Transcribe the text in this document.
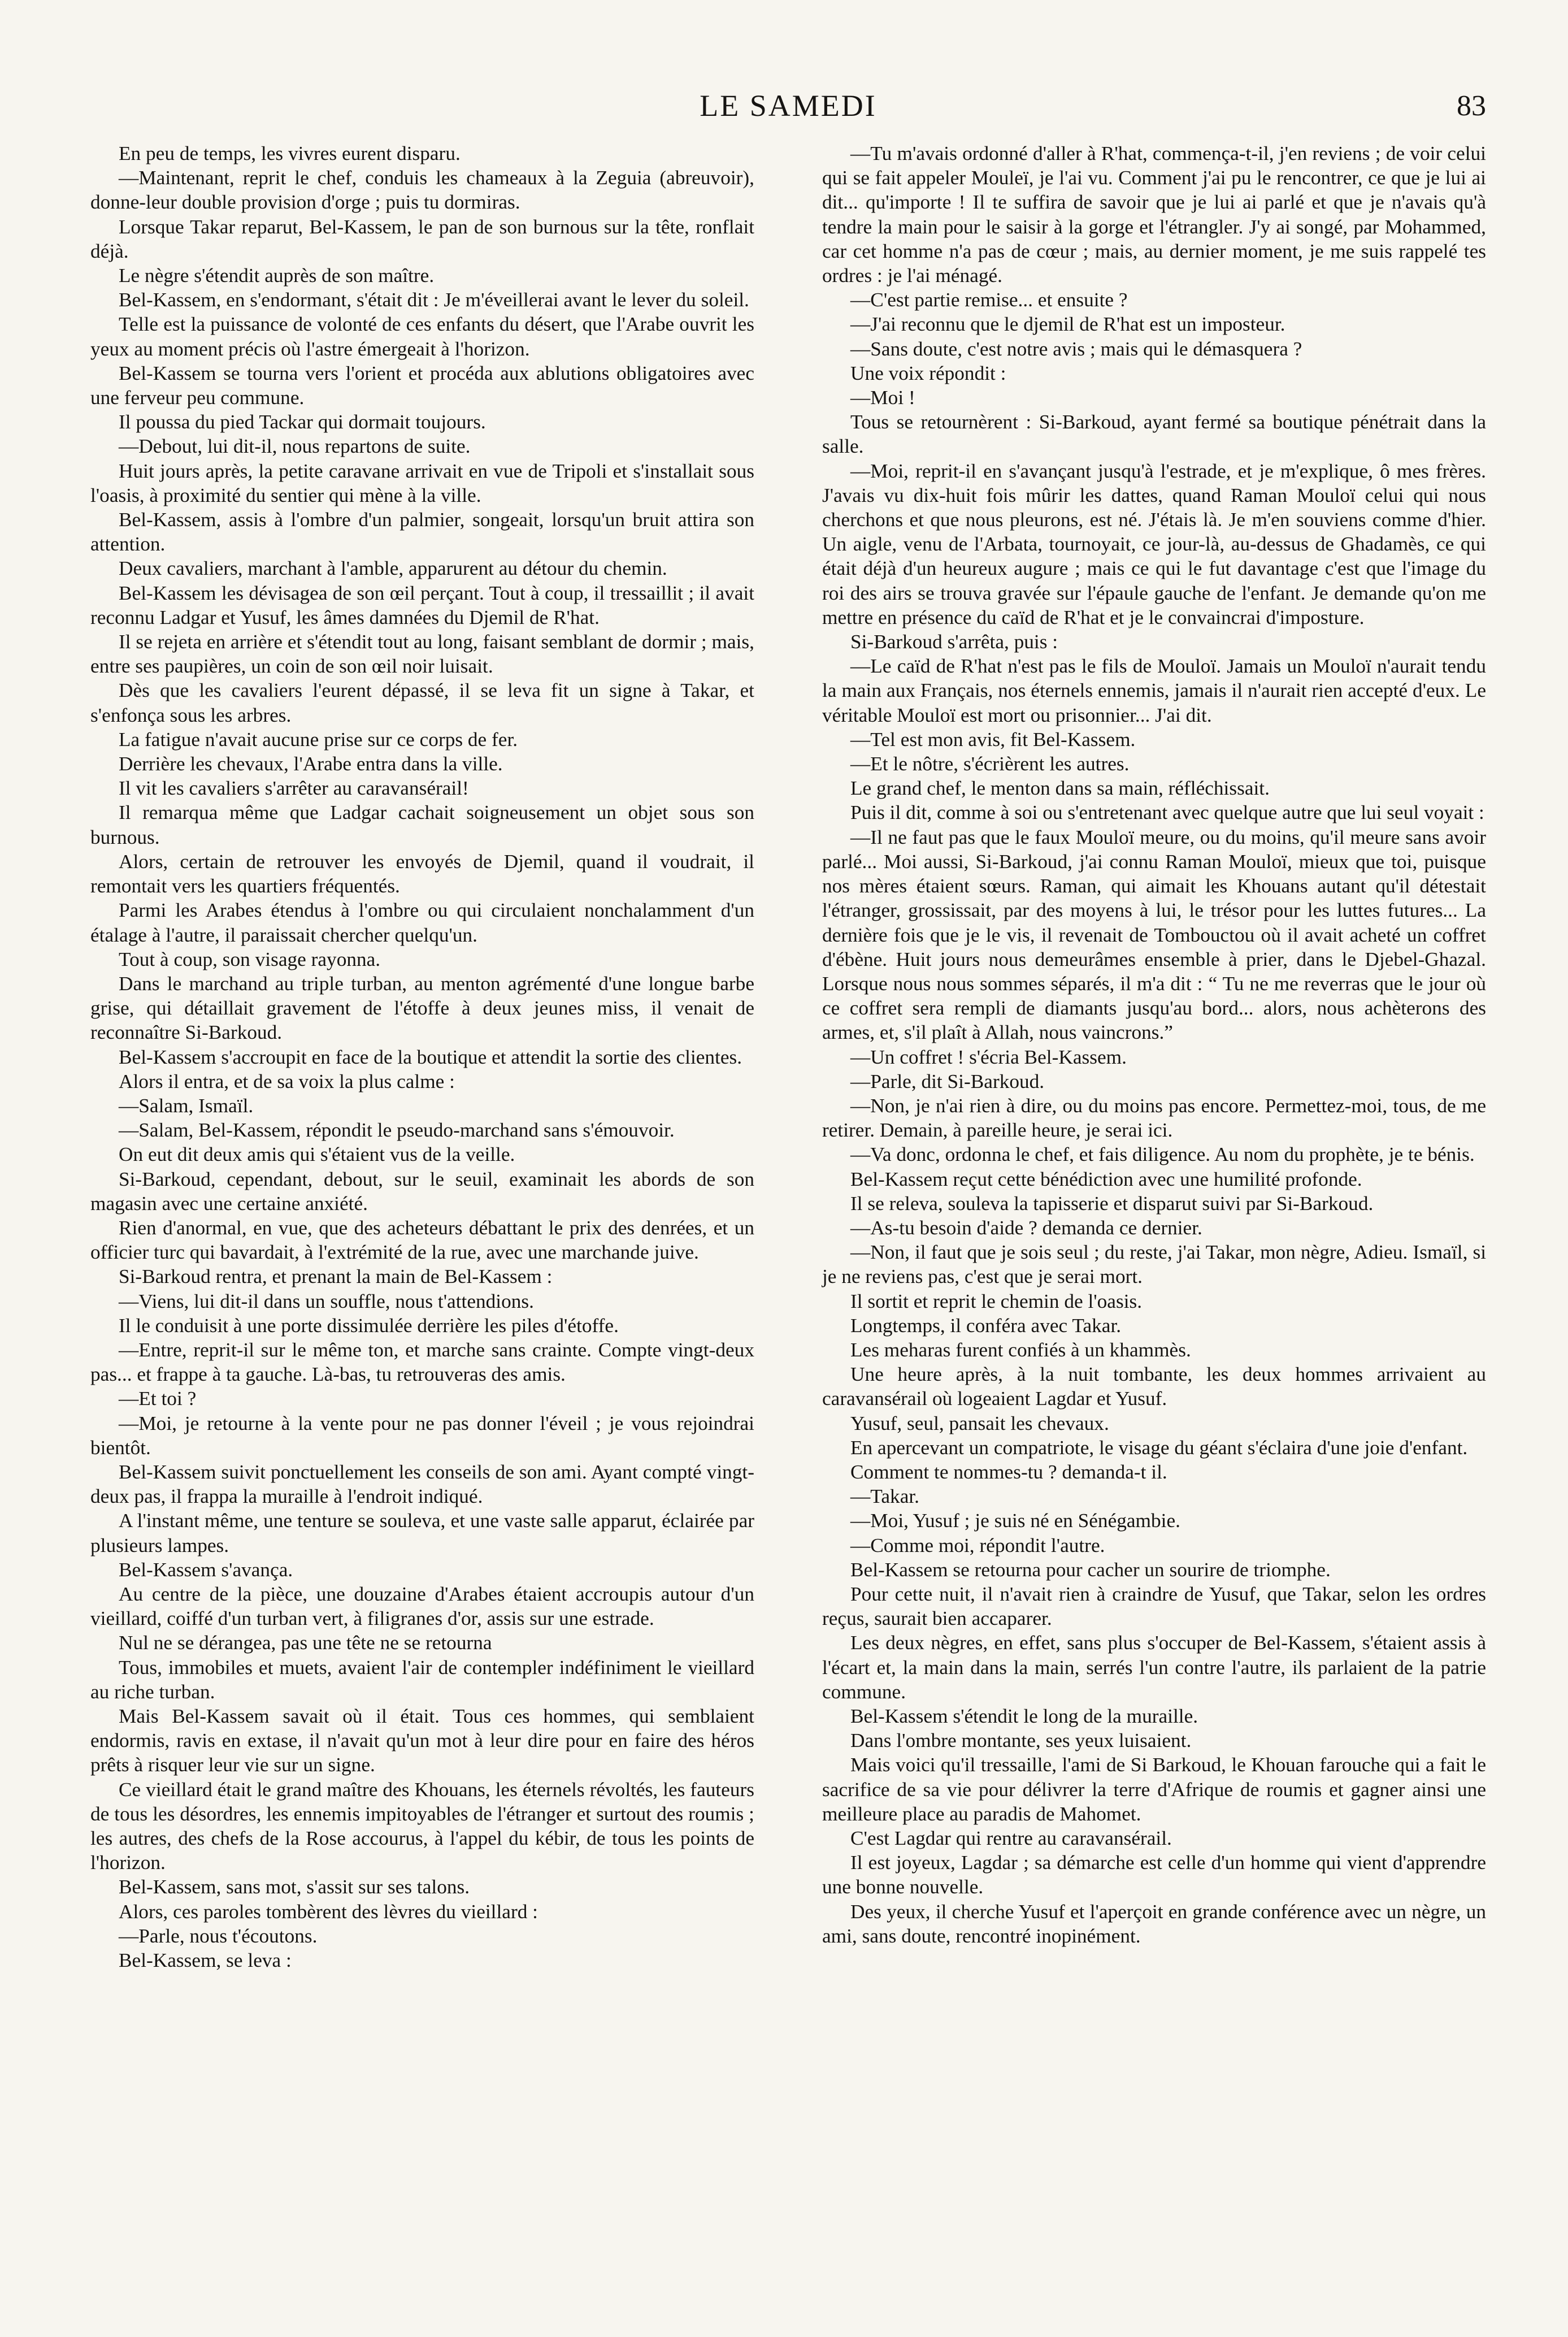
LE SAMEDI	83

En peu de temps, les vivres eurent disparu.

—Maintenant, reprit le chef, conduis les chameaux à la Zeguia (abreuvoir), donne-leur double provision d'orge ; puis tu dormiras.

Lorsque Takar reparut, Bel-Kassem, le pan de son burnous sur la tête, ronflait déjà.

Le nègre s'étendit auprès de son maître.

Bel-Kassem, en s'endormant, s'était dit : Je m'éveillerai avant le lever du soleil.

Telle est la puissance de volonté de ces enfants du désert, que l'Arabe ouvrit les yeux au moment précis où l'astre émergeait à l'horizon.

Bel-Kassem se tourna vers l'orient et procéda aux ablutions obligatoires avec une ferveur peu commune.

Il poussa du pied Tackar qui dormait toujours.

—Debout, lui dit-il, nous repartons de suite.

Huit jours après, la petite caravane arrivait en vue de Tripoli et s'installait sous l'oasis, à proximité du sentier qui mène à la ville.

Bel-Kassem, assis à l'ombre d'un palmier, songeait, lorsqu'un bruit attira son attention.

Deux cavaliers, marchant à l'amble, apparurent au détour du chemin.

Bel-Kassem les dévisagea de son œil perçant. Tout à coup, il tressaillit ; il avait reconnu Ladgar et Yusuf, les âmes damnées du Djemil de R'hat.

Il se rejeta en arrière et s'étendit tout au long, faisant semblant de dormir ; mais, entre ses paupières, un coin de son œil noir luisait.

Dès que les cavaliers l'eurent dépassé, il se leva fit un signe à Takar, et s'enfonça sous les arbres.

La fatigue n'avait aucune prise sur ce corps de fer.

Derrière les chevaux, l'Arabe entra dans la ville.

Il vit les cavaliers s'arrêter au caravansérail!

Il remarqua même que Ladgar cachait soigneusement un objet sous son burnous.

Alors, certain de retrouver les envoyés de Djemil, quand il voudrait, il remontait vers les quartiers fréquentés.

Parmi les Arabes étendus à l'ombre ou qui circulaient nonchalamment d'un étalage à l'autre, il paraissait chercher quelqu'un.

Tout à coup, son visage rayonna.

Dans le marchand au triple turban, au menton agrémenté d'une longue barbe grise, qui détaillait gravement de l'étoffe à deux jeunes miss, il venait de reconnaître Si-Barkoud.

Bel-Kassem s'accroupit en face de la boutique et attendit la sortie des clientes.

Alors il entra, et de sa voix la plus calme :

—Salam, Ismaïl.

—Salam, Bel-Kassem, répondit le pseudo-marchand sans s'émouvoir.

On eut dit deux amis qui s'étaient vus de la veille.

Si-Barkoud, cependant, debout, sur le seuil, examinait les abords de son magasin avec une certaine anxiété.

Rien d'anormal, en vue, que des acheteurs débattant le prix des denrées, et un officier turc qui bavardait, à l'extrémité de la rue, avec une marchande juive.

Si-Barkoud rentra, et prenant la main de Bel-Kassem :

—Viens, lui dit-il dans un souffle, nous t'attendions.

Il le conduisit à une porte dissimulée derrière les piles d'étoffe.

—Entre, reprit-il sur le même ton, et marche sans crainte. Compte vingt-deux pas... et frappe à ta gauche. Là-bas, tu retrouveras des amis.

—Et toi ?

—Moi, je retourne à la vente pour ne pas donner l'éveil ; je vous rejoindrai bientôt.

Bel-Kassem suivit ponctuellement les conseils de son ami. Ayant compté vingt-deux pas, il frappa la muraille à l'endroit indiqué.

A l'instant même, une tenture se souleva, et une vaste salle apparut, éclairée par plusieurs lampes.

Bel-Kassem s'avança.

Au centre de la pièce, une douzaine d'Arabes étaient accroupis autour d'un vieillard, coiffé d'un turban vert, à filigranes d'or, assis sur une estrade.

Nul ne se dérangea, pas une tête ne se retourna

Tous, immobiles et muets, avaient l'air de contempler indéfiniment le vieillard au riche turban.

Mais Bel-Kassem savait où il était. Tous ces hommes, qui semblaient endormis, ravis en extase, il n'avait qu'un mot à leur dire pour en faire des héros prêts à risquer leur vie sur un signe.

Ce vieillard était le grand maître des Khouans, les éternels révoltés, les fauteurs de tous les désordres, les ennemis impitoyables de l'étranger et surtout des roumis ; les autres, des chefs de la Rose accourus, à l'appel du kébir, de tous les points de l'horizon.

Bel-Kassem, sans mot, s'assit sur ses talons.

Alors, ces paroles tombèrent des lèvres du vieillard :

—Parle, nous t'écoutons.

Bel-Kassem, se leva :

—Tu m'avais ordonné d'aller à R'hat, commença-t-il, j'en reviens ; de voir celui qui se fait appeler Mouleï, je l'ai vu. Comment j'ai pu le rencontrer, ce que je lui ai dit... qu'importe ! Il te suffira de savoir que je lui ai parlé et que je n'avais qu'à tendre la main pour le saisir à la gorge et l'étrangler. J'y ai songé, par Mohammed, car cet homme n'a pas de cœur ; mais, au dernier moment, je me suis rappelé tes ordres : je l'ai ménagé.

—C'est partie remise... et ensuite ?

—J'ai reconnu que le djemil de R'hat est un imposteur.

—Sans doute, c'est notre avis ; mais qui le démasquera ?

Une voix répondit :

—Moi !

Tous se retournèrent : Si-Barkoud, ayant fermé sa boutique pénétrait dans la salle.

—Moi, reprit-il en s'avançant jusqu'à l'estrade, et je m'explique, ô mes frères. J'avais vu dix-huit fois mûrir les dattes, quand Raman Mouloï celui qui nous cherchons et que nous pleurons, est né. J'étais là. Je m'en souviens comme d'hier. Un aigle, venu de l'Arbata, tournoyait, ce jour-là, au-dessus de Ghadamès, ce qui était déjà d'un heureux augure ; mais ce qui le fut davantage c'est que l'image du roi des airs se trouva gravée sur l'épaule gauche de l'enfant. Je demande qu'on me mettre en présence du caïd de R'hat et je le convaincrai d'imposture.

Si-Barkoud s'arrêta, puis :

—Le caïd de R'hat n'est pas le fils de Mouloï. Jamais un Mouloï n'aurait tendu la main aux Français, nos éternels ennemis, jamais il n'aurait rien accepté d'eux. Le véritable Mouloï est mort ou prisonnier... J'ai dit.

—Tel est mon avis, fit Bel-Kassem.

—Et le nôtre, s'écrièrent les autres.

Le grand chef, le menton dans sa main, réfléchissait.

Puis il dit, comme à soi ou s'entretenant avec quelque autre que lui seul voyait :

—Il ne faut pas que le faux Mouloï meure, ou du moins, qu'il meure sans avoir parlé... Moi aussi, Si-Barkoud, j'ai connu Raman Mouloï, mieux que toi, puisque nos mères étaient sœurs. Raman, qui aimait les Khouans autant qu'il détestait l'étranger, grossissait, par des moyens à lui, le trésor pour les luttes futures... La dernière fois que je le vis, il revenait de Tombouctou où il avait acheté un coffret d'ébène. Huit jours nous demeurâmes ensemble à prier, dans le Djebel-Ghazal. Lorsque nous nous sommes séparés, il m'a dit : “ Tu ne me reverras que le jour où ce coffret sera rempli de diamants jusqu'au bord... alors, nous achèterons des armes, et, s'il plaît à Allah, nous vaincrons.”

—Un coffret ! s'écria Bel-Kassem.

—Parle, dit Si-Barkoud.

—Non, je n'ai rien à dire, ou du moins pas encore. Permettez-moi, tous, de me retirer. Demain, à pareille heure, je serai ici.

—Va donc, ordonna le chef, et fais diligence. Au nom du prophète, je te bénis.

Bel-Kassem reçut cette bénédiction avec une humilité profonde.

Il se releva, souleva la tapisserie et disparut suivi par Si-Barkoud.

—As-tu besoin d'aide ? demanda ce dernier.

—Non, il faut que je sois seul ; du reste, j'ai Takar, mon nègre, Adieu. Ismaïl, si je ne reviens pas, c'est que je serai mort.

Il sortit et reprit le chemin de l'oasis.

Longtemps, il conféra avec Takar.

Les meharas furent confiés à un khammès.

Une heure après, à la nuit tombante, les deux hommes arrivaient au caravansérail où logeaient Lagdar et Yusuf.

Yusuf, seul, pansait les chevaux.

En apercevant un compatriote, le visage du géant s'éclaira d'une joie d'enfant.

Comment te nommes-tu ? demanda-t il.

—Takar.

—Moi, Yusuf ; je suis né en Sénégambie.

—Comme moi, répondit l'autre.

Bel-Kassem se retourna pour cacher un sourire de triomphe.

Pour cette nuit, il n'avait rien à craindre de Yusuf, que Takar, selon les ordres reçus, saurait bien accaparer.

Les deux nègres, en effet, sans plus s'occuper de Bel-Kassem, s'étaient assis à l'écart et, la main dans la main, serrés l'un contre l'autre, ils parlaient de la patrie commune.

Bel-Kassem s'étendit le long de la muraille.

Dans l'ombre montante, ses yeux luisaient.

Mais voici qu'il tressaille, l'ami de Si Barkoud, le Khouan farouche qui a fait le sacrifice de sa vie pour délivrer la terre d'Afrique de roumis et gagner ainsi une meilleure place au paradis de Mahomet.

C'est Lagdar qui rentre au caravansérail.

Il est joyeux, Lagdar ; sa démarche est celle d'un homme qui vient d'apprendre une bonne nouvelle.

Des yeux, il cherche Yusuf et l'aperçoit en grande conférence avec un nègre, un ami, sans doute, rencontré inopinément.
